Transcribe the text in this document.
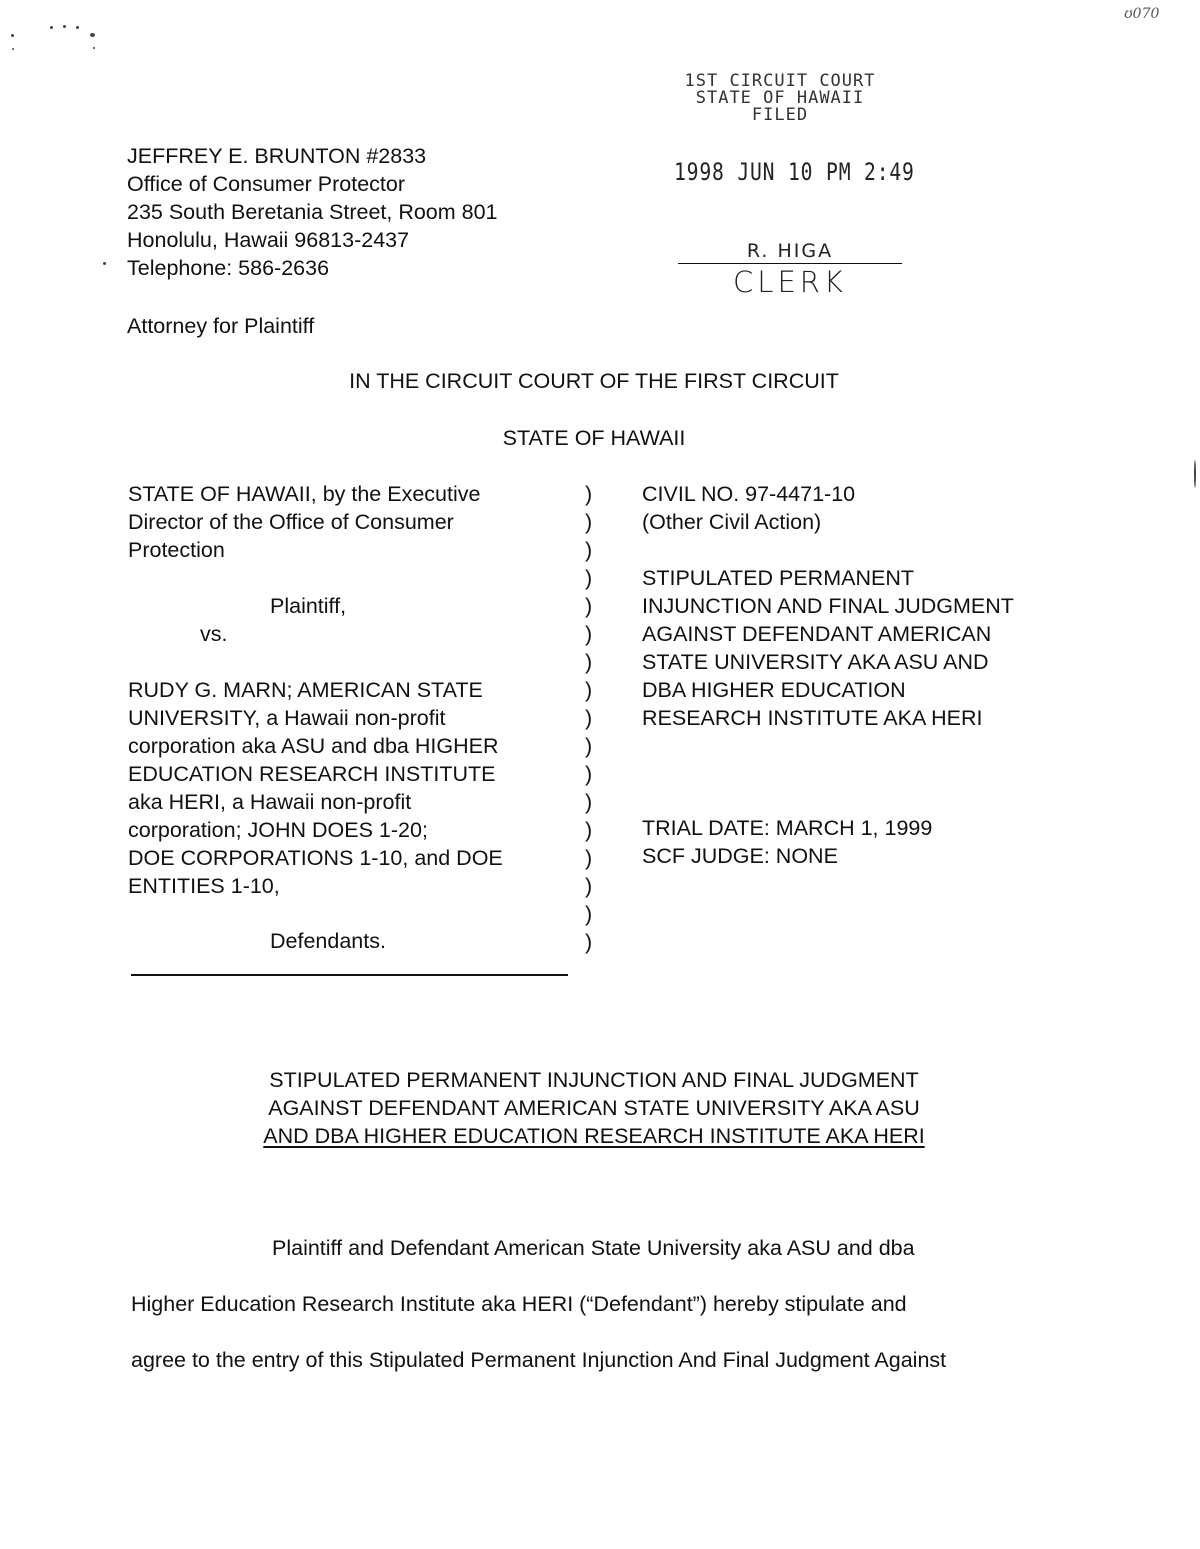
ʊ070
JEFFREY E. BRUNTON #2833
Office of Consumer Protector
235 South Beretania Street, Room 801
Honolulu, Hawaii 96813-2437
Telephone: 586-2636
Attorney for Plaintiff
1ST CIRCUIT COURT
STATE OF HAWAII
FILED
1998 JUN 10 PM 2:49
R. HIGA
CLERK
IN THE CIRCUIT COURT OF THE FIRST CIRCUIT
STATE OF HAWAII
STATE OF HAWAII, by the Executive
Director of the Office of Consumer
Protection
Plaintiff,
vs.
RUDY G. MARN; AMERICAN STATE
UNIVERSITY, a Hawaii non-profit
corporation aka ASU and dba HIGHER
EDUCATION RESEARCH INSTITUTE
aka HERI, a Hawaii non-profit
corporation; JOHN DOES 1-20;
DOE CORPORATIONS 1-10, and DOE
ENTITIES 1-10,
Defendants.
)
)
)
)
)
)
)
)
)
)
)
)
)
)
)
)
)
CIVIL NO. 97-4471-10
(Other Civil Action)
STIPULATED PERMANENT
INJUNCTION AND FINAL JUDGMENT
AGAINST DEFENDANT AMERICAN
STATE UNIVERSITY AKA ASU AND
DBA HIGHER EDUCATION
RESEARCH INSTITUTE AKA HERI
TRIAL DATE: MARCH 1, 1999
SCF JUDGE: NONE
STIPULATED PERMANENT INJUNCTION AND FINAL JUDGMENT
AGAINST DEFENDANT AMERICAN STATE UNIVERSITY AKA ASU
AND DBA HIGHER EDUCATION RESEARCH INSTITUTE AKA HERI
Plaintiff and Defendant American State University aka ASU and dba
Higher Education Research Institute aka HERI (“Defendant”) hereby stipulate and
agree to the entry of this Stipulated Permanent Injunction And Final Judgment Against
